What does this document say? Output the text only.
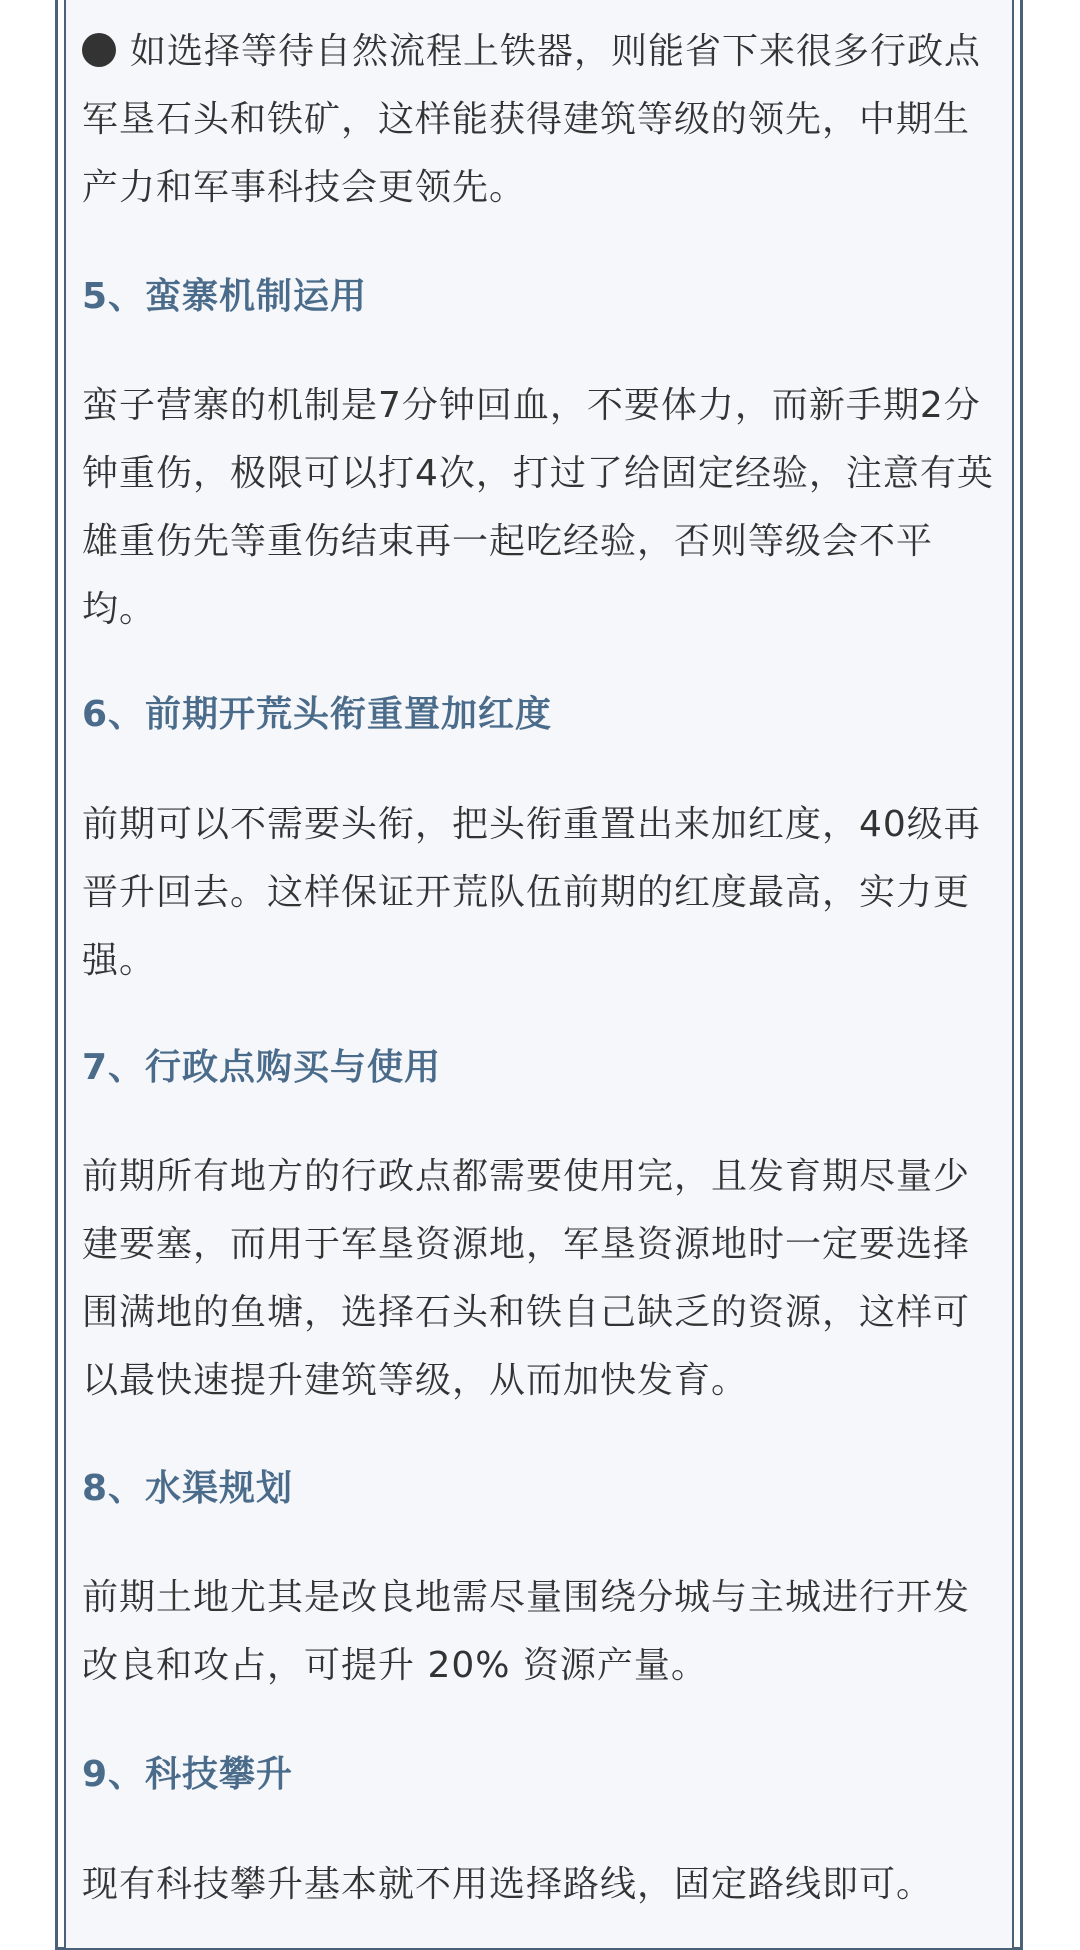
如选择等待自然流程上铁器，则能省下来很多行政点军垦石头和铁矿，这样能获得建筑等级的领先，中期生产力和军事科技会更领先。

5、蛮寨机制运用

蛮子营寨的机制是7分钟回血，不要体力，而新手期2分钟重伤，极限可以打4次，打过了给固定经验，注意有英雄重伤先等重伤结束再一起吃经验，否则等级会不平均。

6、前期开荒头衔重置加红度

前期可以不需要头衔，把头衔重置出来加红度，40级再晋升回去。这样保证开荒队伍前期的红度最高，实力更强。

7、行政点购买与使用

前期所有地方的行政点都需要使用完，且发育期尽量少建要塞，而用于军垦资源地，军垦资源地时一定要选择围满地的鱼塘，选择石头和铁自己缺乏的资源，这样可以最快速提升建筑等级，从而加快发育。

8、水渠规划

前期土地尤其是改良地需尽量围绕分城与主城进行开发改良和攻占，可提升 20% 资源产量。

9、科技攀升

现有科技攀升基本就不用选择路线，固定路线即可。
